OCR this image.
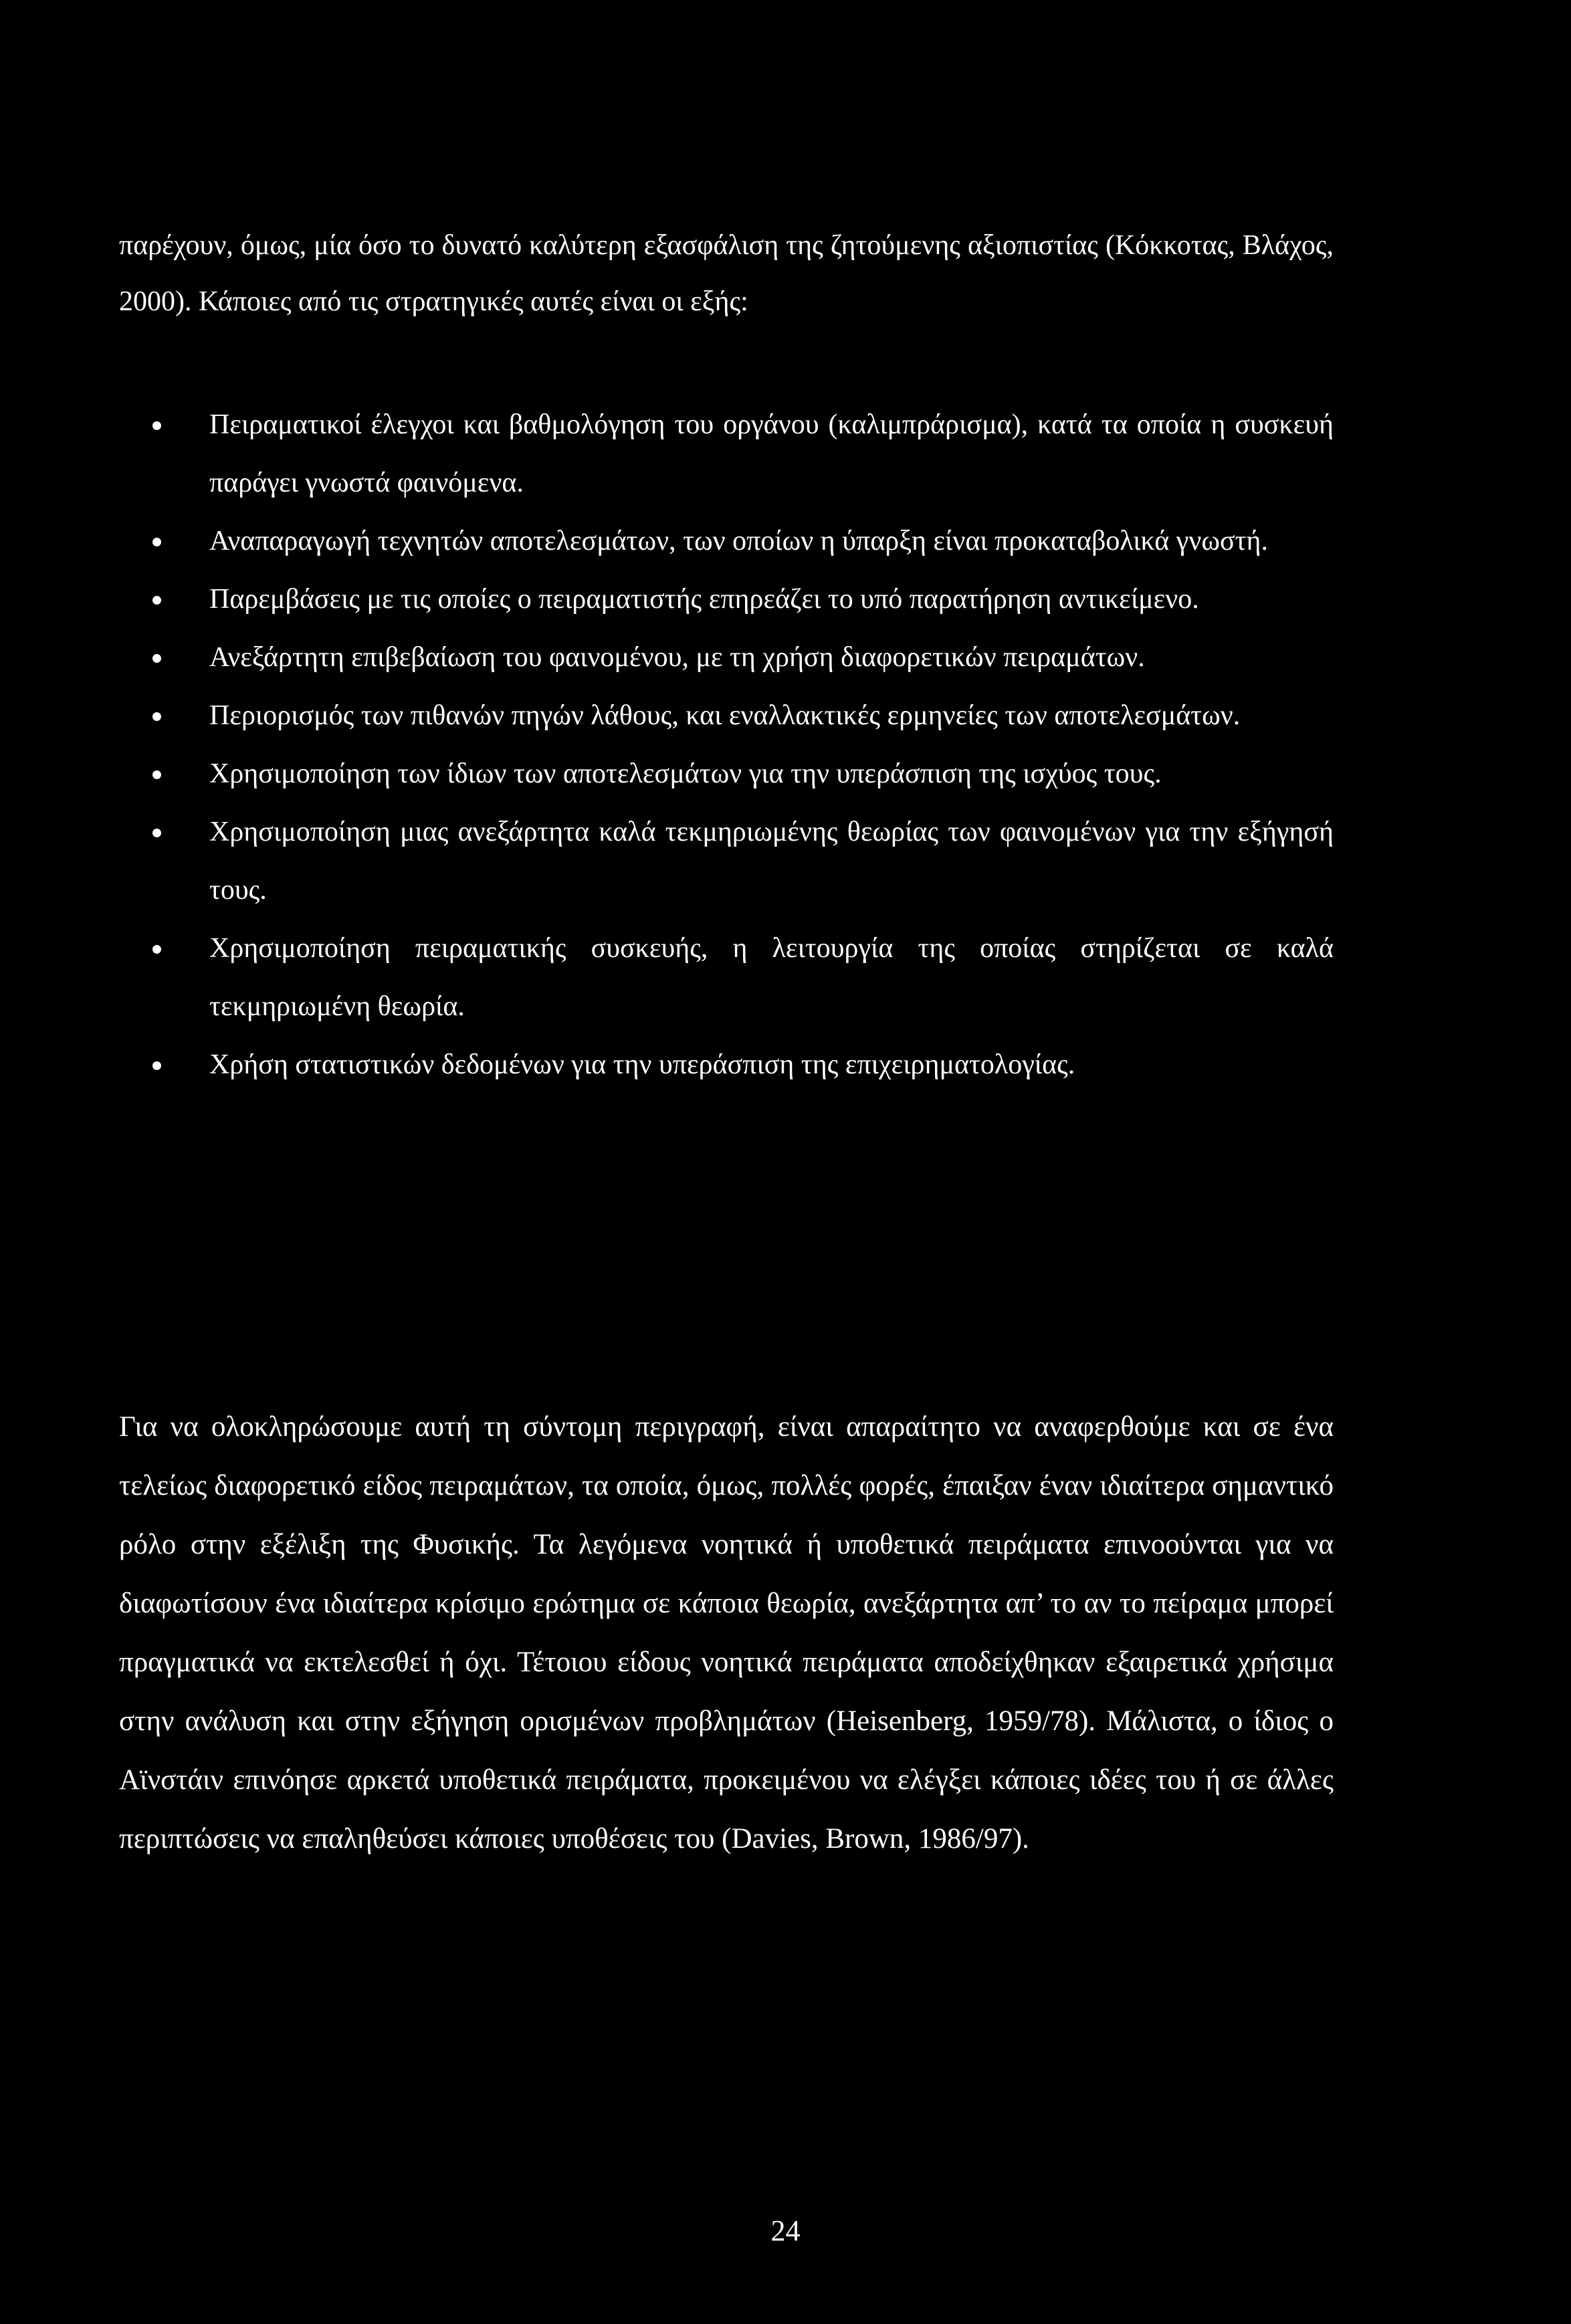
παρέχουν, όμως, μία όσο το δυνατό καλύτερη εξασφάλιση της ζητούμενης αξιοπιστίας (Κόκκοτας, Βλάχος, 2000). Κάποιες από τις στρατηγικές αυτές είναι οι εξής:

Πειραματικοί έλεγχοι και βαθμολόγηση του οργάνου (καλιμπράρισμα), κατά τα οποία η συσκευή παράγει γνωστά φαινόμενα.
Αναπαραγωγή τεχνητών αποτελεσμάτων, των οποίων η ύπαρξη είναι προκαταβολικά γνωστή.
Παρεμβάσεις με τις οποίες ο πειραματιστής επηρεάζει το υπό παρατήρηση αντικείμενο.
Ανεξάρτητη επιβεβαίωση του φαινομένου, με τη χρήση διαφορετικών πειραμάτων.
Περιορισμός των πιθανών πηγών λάθους, και εναλλακτικές ερμηνείες των αποτελεσμάτων.
Χρησιμοποίηση των ίδιων των αποτελεσμάτων για την υπεράσπιση της ισχύος τους.
Χρησιμοποίηση μιας ανεξάρτητα καλά τεκμηριωμένης θεωρίας των φαινομένων για την εξήγησή τους.
Χρησιμοποίηση πειραματικής συσκευής, η λειτουργία της οποίας στηρίζεται σε καλά τεκμηριωμένη θεωρία.
Χρήση στατιστικών δεδομένων για την υπεράσπιση της επιχειρηματολογίας.

Για να ολοκληρώσουμε αυτή τη σύντομη περιγραφή, είναι απαραίτητο να αναφερθούμε και σε ένα τελείως διαφορετικό είδος πειραμάτων, τα οποία, όμως, πολλές φορές, έπαιξαν έναν ιδιαίτερα σημαντικό ρόλο στην εξέλιξη της Φυσικής. Τα λεγόμενα νοητικά ή υποθετικά πειράματα επινοούνται για να διαφωτίσουν ένα ιδιαίτερα κρίσιμο ερώτημα σε κάποια θεωρία, ανεξάρτητα απ’ το αν το πείραμα μπορεί πραγματικά να εκτελεσθεί ή όχι. Τέτοιου είδους νοητικά πειράματα αποδείχθηκαν εξαιρετικά χρήσιμα στην ανάλυση και στην εξήγηση ορισμένων προβλημάτων (Heisenberg, 1959/78). Μάλιστα, ο ίδιος ο Αϊνστάιν επινόησε αρκετά υποθετικά πειράματα, προκειμένου να ελέγξει κάποιες ιδέες του ή σε άλλες περιπτώσεις να επαληθεύσει κάποιες υποθέσεις του (Davies, Brown, 1986/97).

24
